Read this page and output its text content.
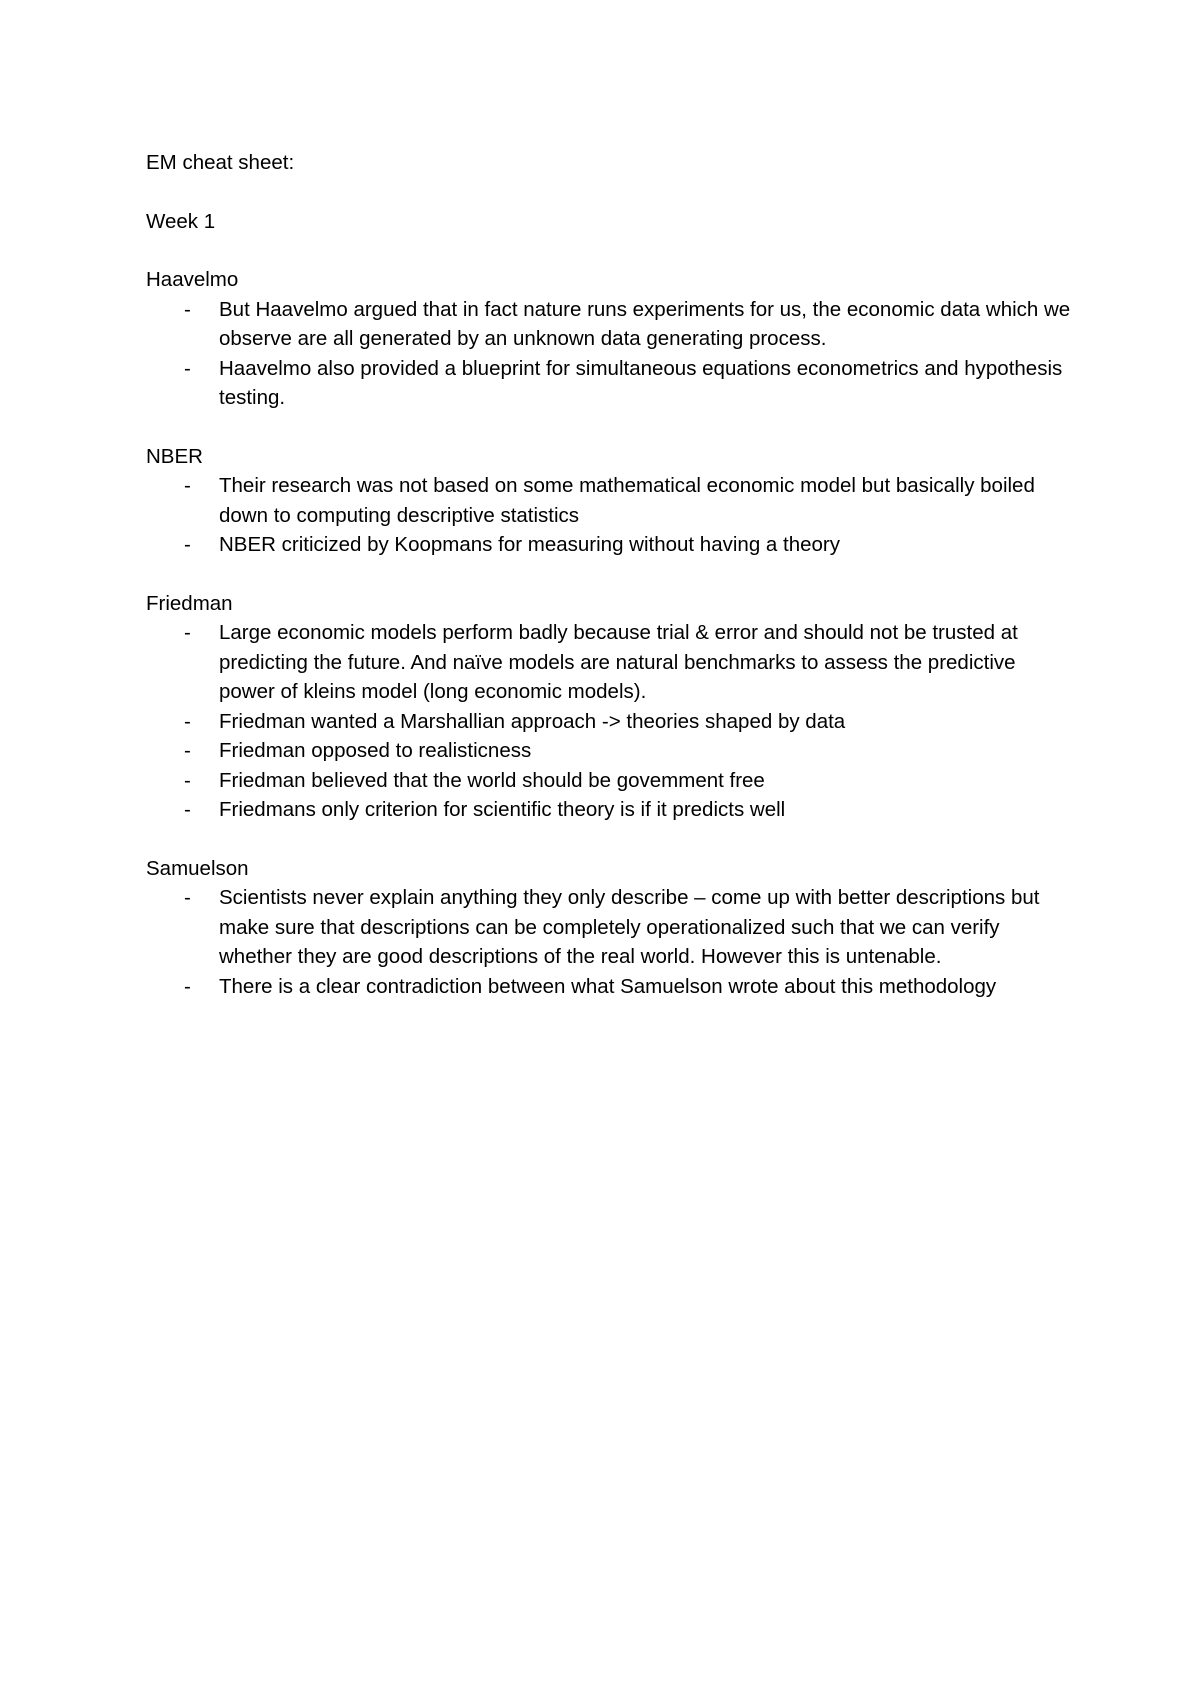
EM cheat sheet:

Week 1

Haavelmo

- But Haavelmo argued that in fact nature runs experiments for us, the economic data which we observe are all generated by an unknown data generating process.
- Haavelmo also provided a blueprint for simultaneous equations econometrics and hypothesis testing.

NBER

- Their research was not based on some mathematical economic model but basically boiled down to computing descriptive statistics
- NBER criticized by Koopmans for measuring without having a theory

Friedman

- Large economic models perform badly because trial & error and should not be trusted at predicting the future. And naïve models are natural benchmarks to assess the predictive power of kleins model (long economic models).
- Friedman wanted a Marshallian approach -> theories shaped by data
- Friedman opposed to realisticness
- Friedman believed that the world should be govemment free
- Friedmans only criterion for scientific theory is if it predicts well

Samuelson

- Scientists never explain anything they only describe – come up with better descriptions but make sure that descriptions can be completely operationalized such that we can verify whether they are good descriptions of the real world. However this is untenable.
- There is a clear contradiction between what Samuelson wrote about this methodology
